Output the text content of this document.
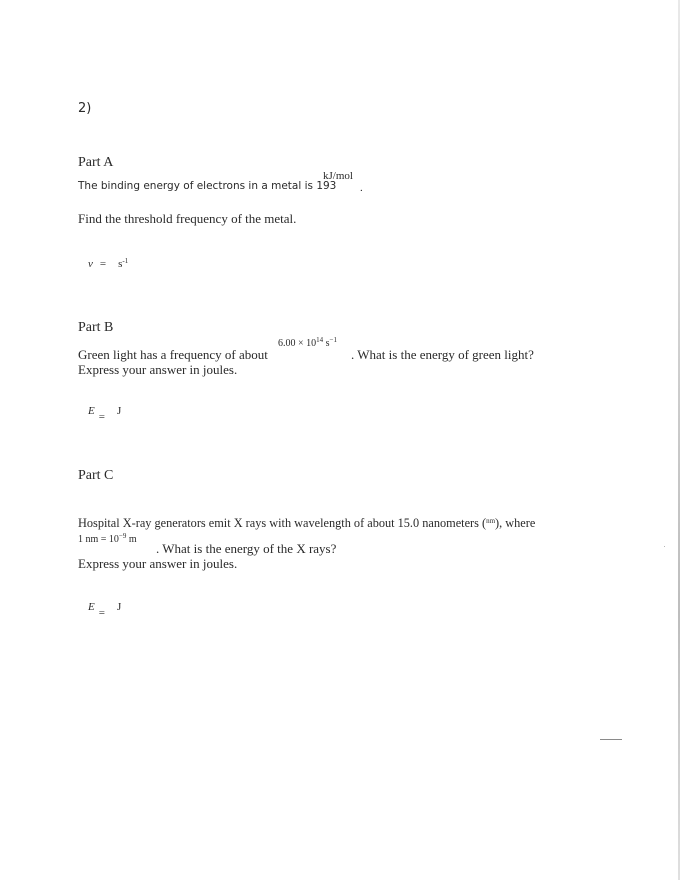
2)
Part A
The binding energy of electrons in a metal is 193
kJ/mol
.
Find the threshold frequency of the metal.
$\nu = s^{-1}$
Part B
$6.00 \times 10^{14}$ $s^{-1}$
Green light has a frequency of about	. What is the energy of green light?
Express your answer in joules.
E $_=$ J
Part C
Hospital X-ray generators emit X rays with wavelength of about 15.0 nanometers ($^{nm}$), where
1 nm = $10^{-9}$ m
. What is the energy of the X rays?
Express your answer in joules.
E $_=$ J
